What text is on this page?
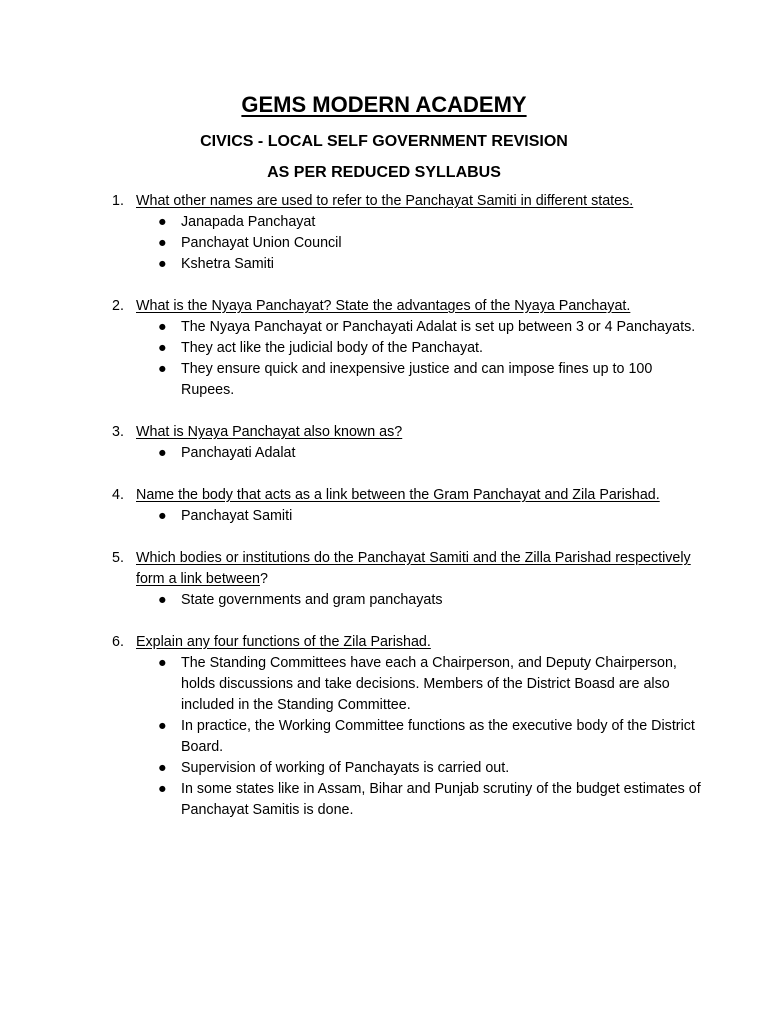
GEMS MODERN ACADEMY
CIVICS - LOCAL SELF GOVERNMENT REVISION
AS PER REDUCED SYLLABUS
1. What other names are used to refer to the Panchayat Samiti in different states.
● Janapada Panchayat
● Panchayat Union Council
● Kshetra Samiti
2. What is the Nyaya Panchayat? State the advantages of the Nyaya Panchayat.
● The Nyaya Panchayat or Panchayati Adalat is set up between 3 or 4 Panchayats.
● They act like the judicial body of the Panchayat.
● They ensure quick and inexpensive justice and can impose fines up to 100 Rupees.
3. What is Nyaya Panchayat also known as?
● Panchayati Adalat
4. Name the body that acts as a link between the Gram Panchayat and Zila Parishad.
● Panchayat Samiti
5. Which bodies or institutions do the Panchayat Samiti and the Zilla Parishad respectively form a link between?
● State governments and gram panchayats
6. Explain any four functions of the Zila Parishad.
● The Standing Committees have each a Chairperson, and Deputy Chairperson, holds discussions and take decisions. Members of the District Boasd are also included in the Standing Committee.
● In practice, the Working Committee functions as the executive body of the District Board.
● Supervision of working of Panchayats is carried out.
● In some states like in Assam, Bihar and Punjab scrutiny of the budget estimates of Panchayat Samitis is done.
